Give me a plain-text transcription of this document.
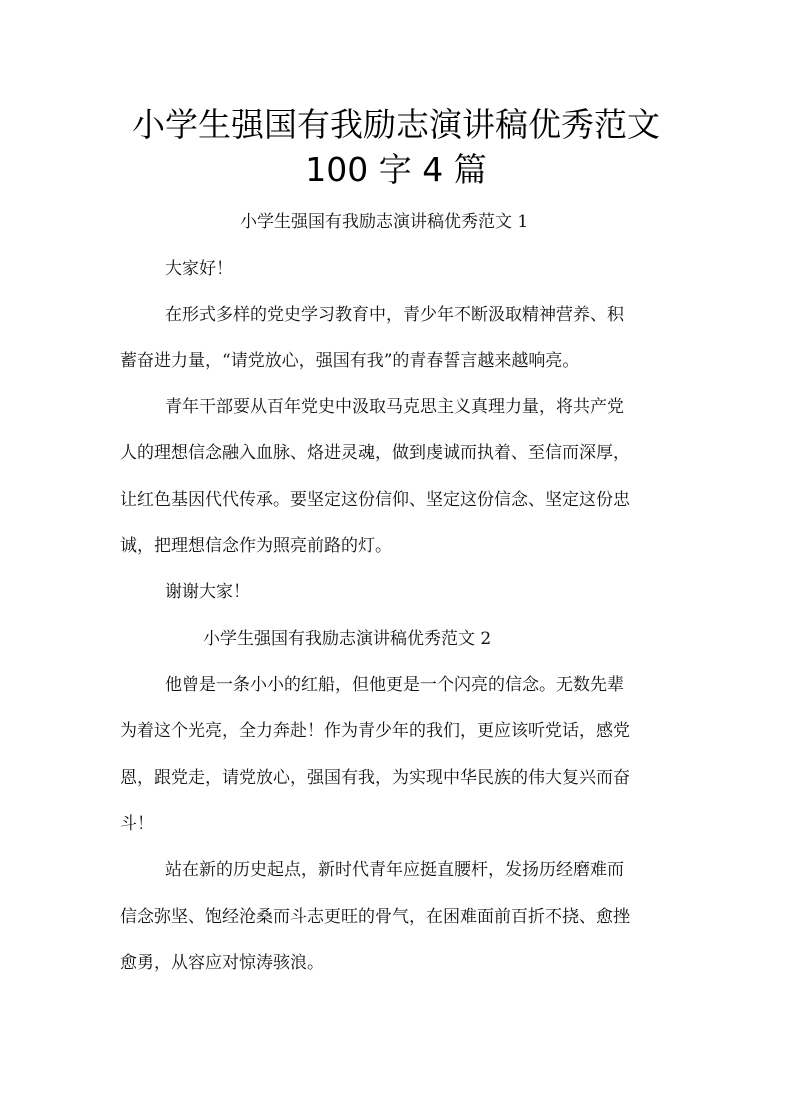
小学生强国有我励志演讲稿优秀范文
100 字 4 篇
小学生强国有我励志演讲稿优秀范文 1
大家好！
在形式多样的党史学习教育中，青少年不断汲取精神营养、积
蓄奋进力量，“请党放心，强国有我”的青春誓言越来越响亮。
青年干部要从百年党史中汲取马克思主义真理力量，将共产党
人的理想信念融入血脉、烙进灵魂，做到虔诚而执着、至信而深厚，
让红色基因代代传承。要坚定这份信仰、坚定这份信念、坚定这份忠
诚，把理想信念作为照亮前路的灯。
谢谢大家！
小学生强国有我励志演讲稿优秀范文 2
他曾是一条小小的红船，但他更是一个闪亮的信念。无数先辈
为着这个光亮，全力奔赴！作为青少年的我们，更应该听党话，感党
恩，跟党走，请党放心，强国有我，为实现中华民族的伟大复兴而奋
斗！
站在新的历史起点，新时代青年应挺直腰杆，发扬历经磨难而
信念弥坚、饱经沧桑而斗志更旺的骨气，在困难面前百折不挠、愈挫
愈勇，从容应对惊涛骇浪。
